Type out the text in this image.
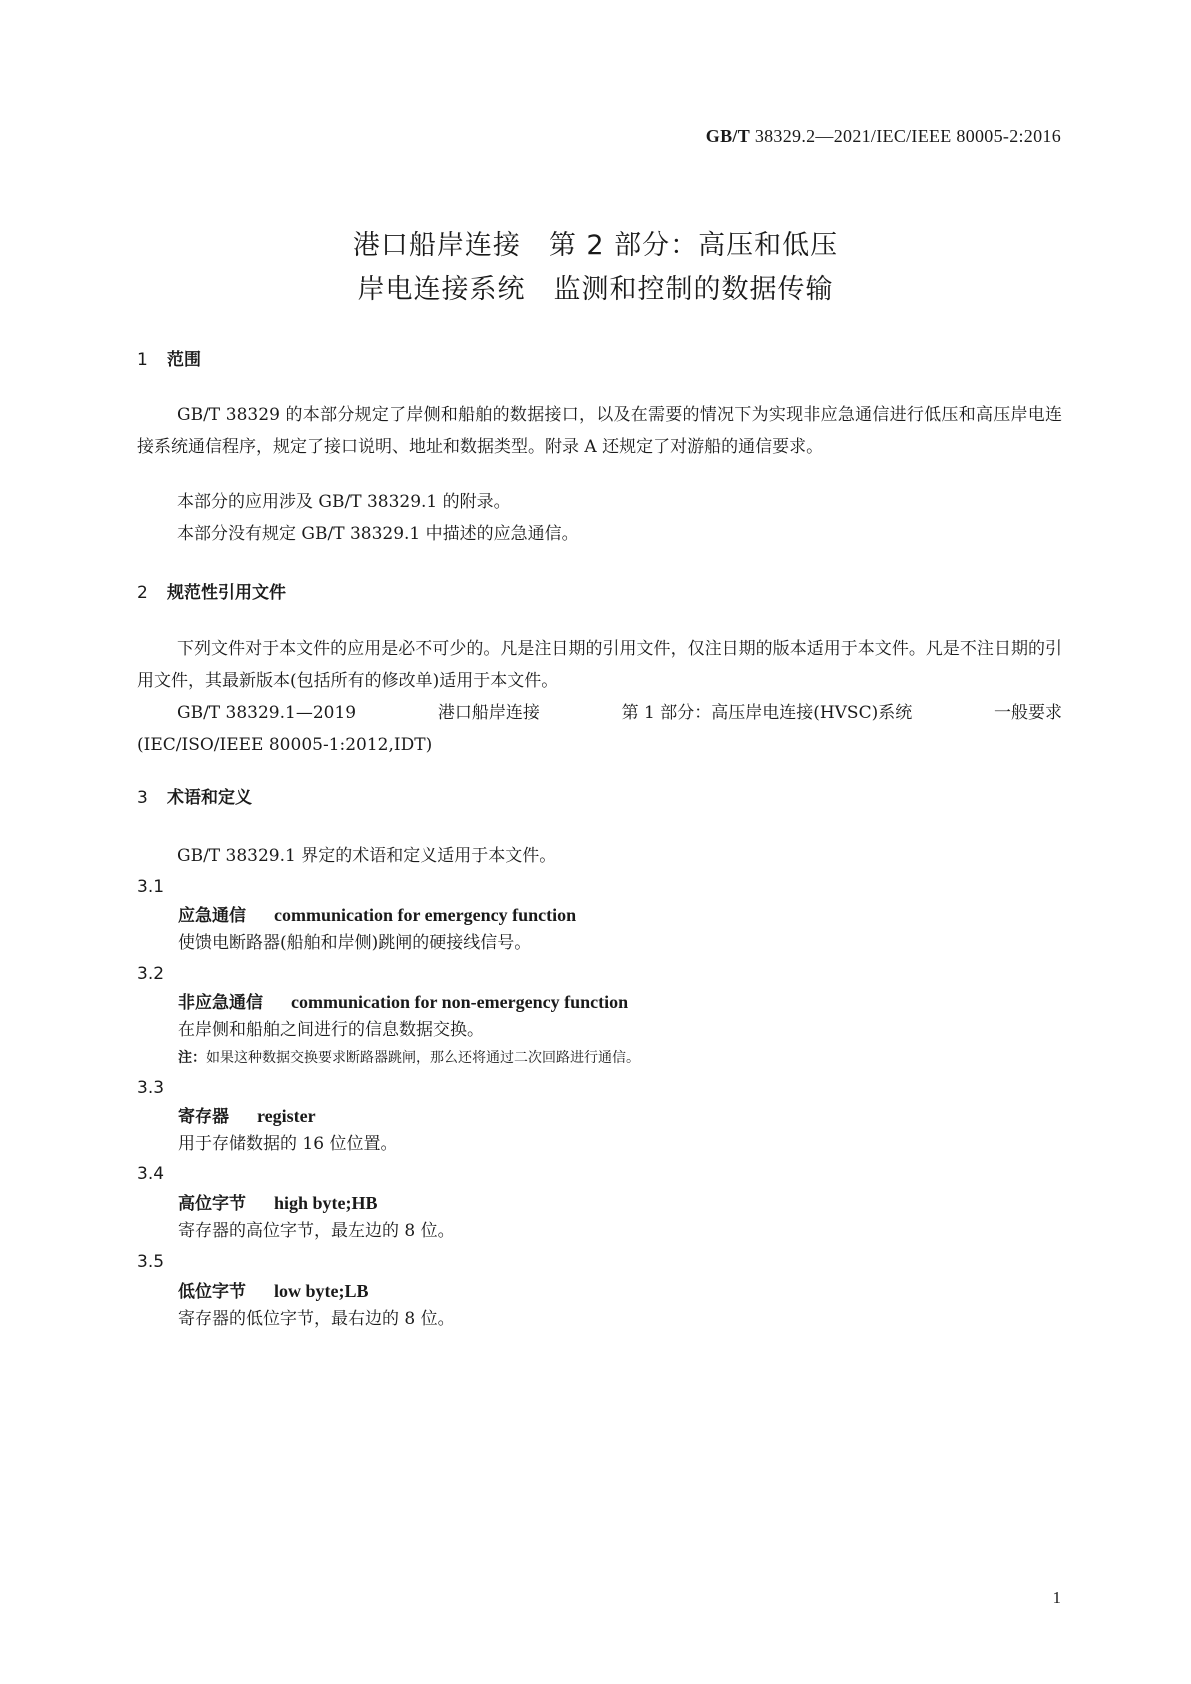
GB/T 38329.2—2021/IEC/IEEE 80005-2:2016
港口船岸连接　第 2 部分：高压和低压
岸电连接系统　监测和控制的数据传输
1 范围

GB/T 38329 的本部分规定了岸侧和船舶的数据接口，以及在需要的情况下为实现非应急通信进行低压和高压岸电连接系统通信程序，规定了接口说明、地址和数据类型。附录 A 还规定了对游船的通信要求。

本部分的应用涉及 GB/T 38329.1 的附录。

本部分没有规定 GB/T 38329.1 中描述的应急通信。

2 规范性引用文件

下列文件对于本文件的应用是必不可少的。凡是注日期的引用文件，仅注日期的版本适用于本文件。凡是不注日期的引用文件，其最新版本(包括所有的修改单)适用于本文件。

GB/T 38329.1—2019	港口船岸连接	第 1 部分：高压岸电连接(HVSC)系统	一般要求
(IEC/ISO/IEEE 80005-1:2012,IDT)
3 术语和定义

GB/T 38329.1 界定的术语和定义适用于本文件。

3.1
应急通信 communication for emergency function
使馈电断路器(船舶和岸侧)跳闸的硬接线信号。
3.2
非应急通信 communication for non-emergency function
在岸侧和船舶之间进行的信息数据交换。
注：如果这种数据交换要求断路器跳闸，那么还将通过二次回路进行通信。
3.3
寄存器 register
用于存储数据的 16 位位置。
3.4
高位字节 high byte;HB
寄存器的高位字节，最左边的 8 位。
3.5
低位字节 low byte;LB
寄存器的低位字节，最右边的 8 位。
1
